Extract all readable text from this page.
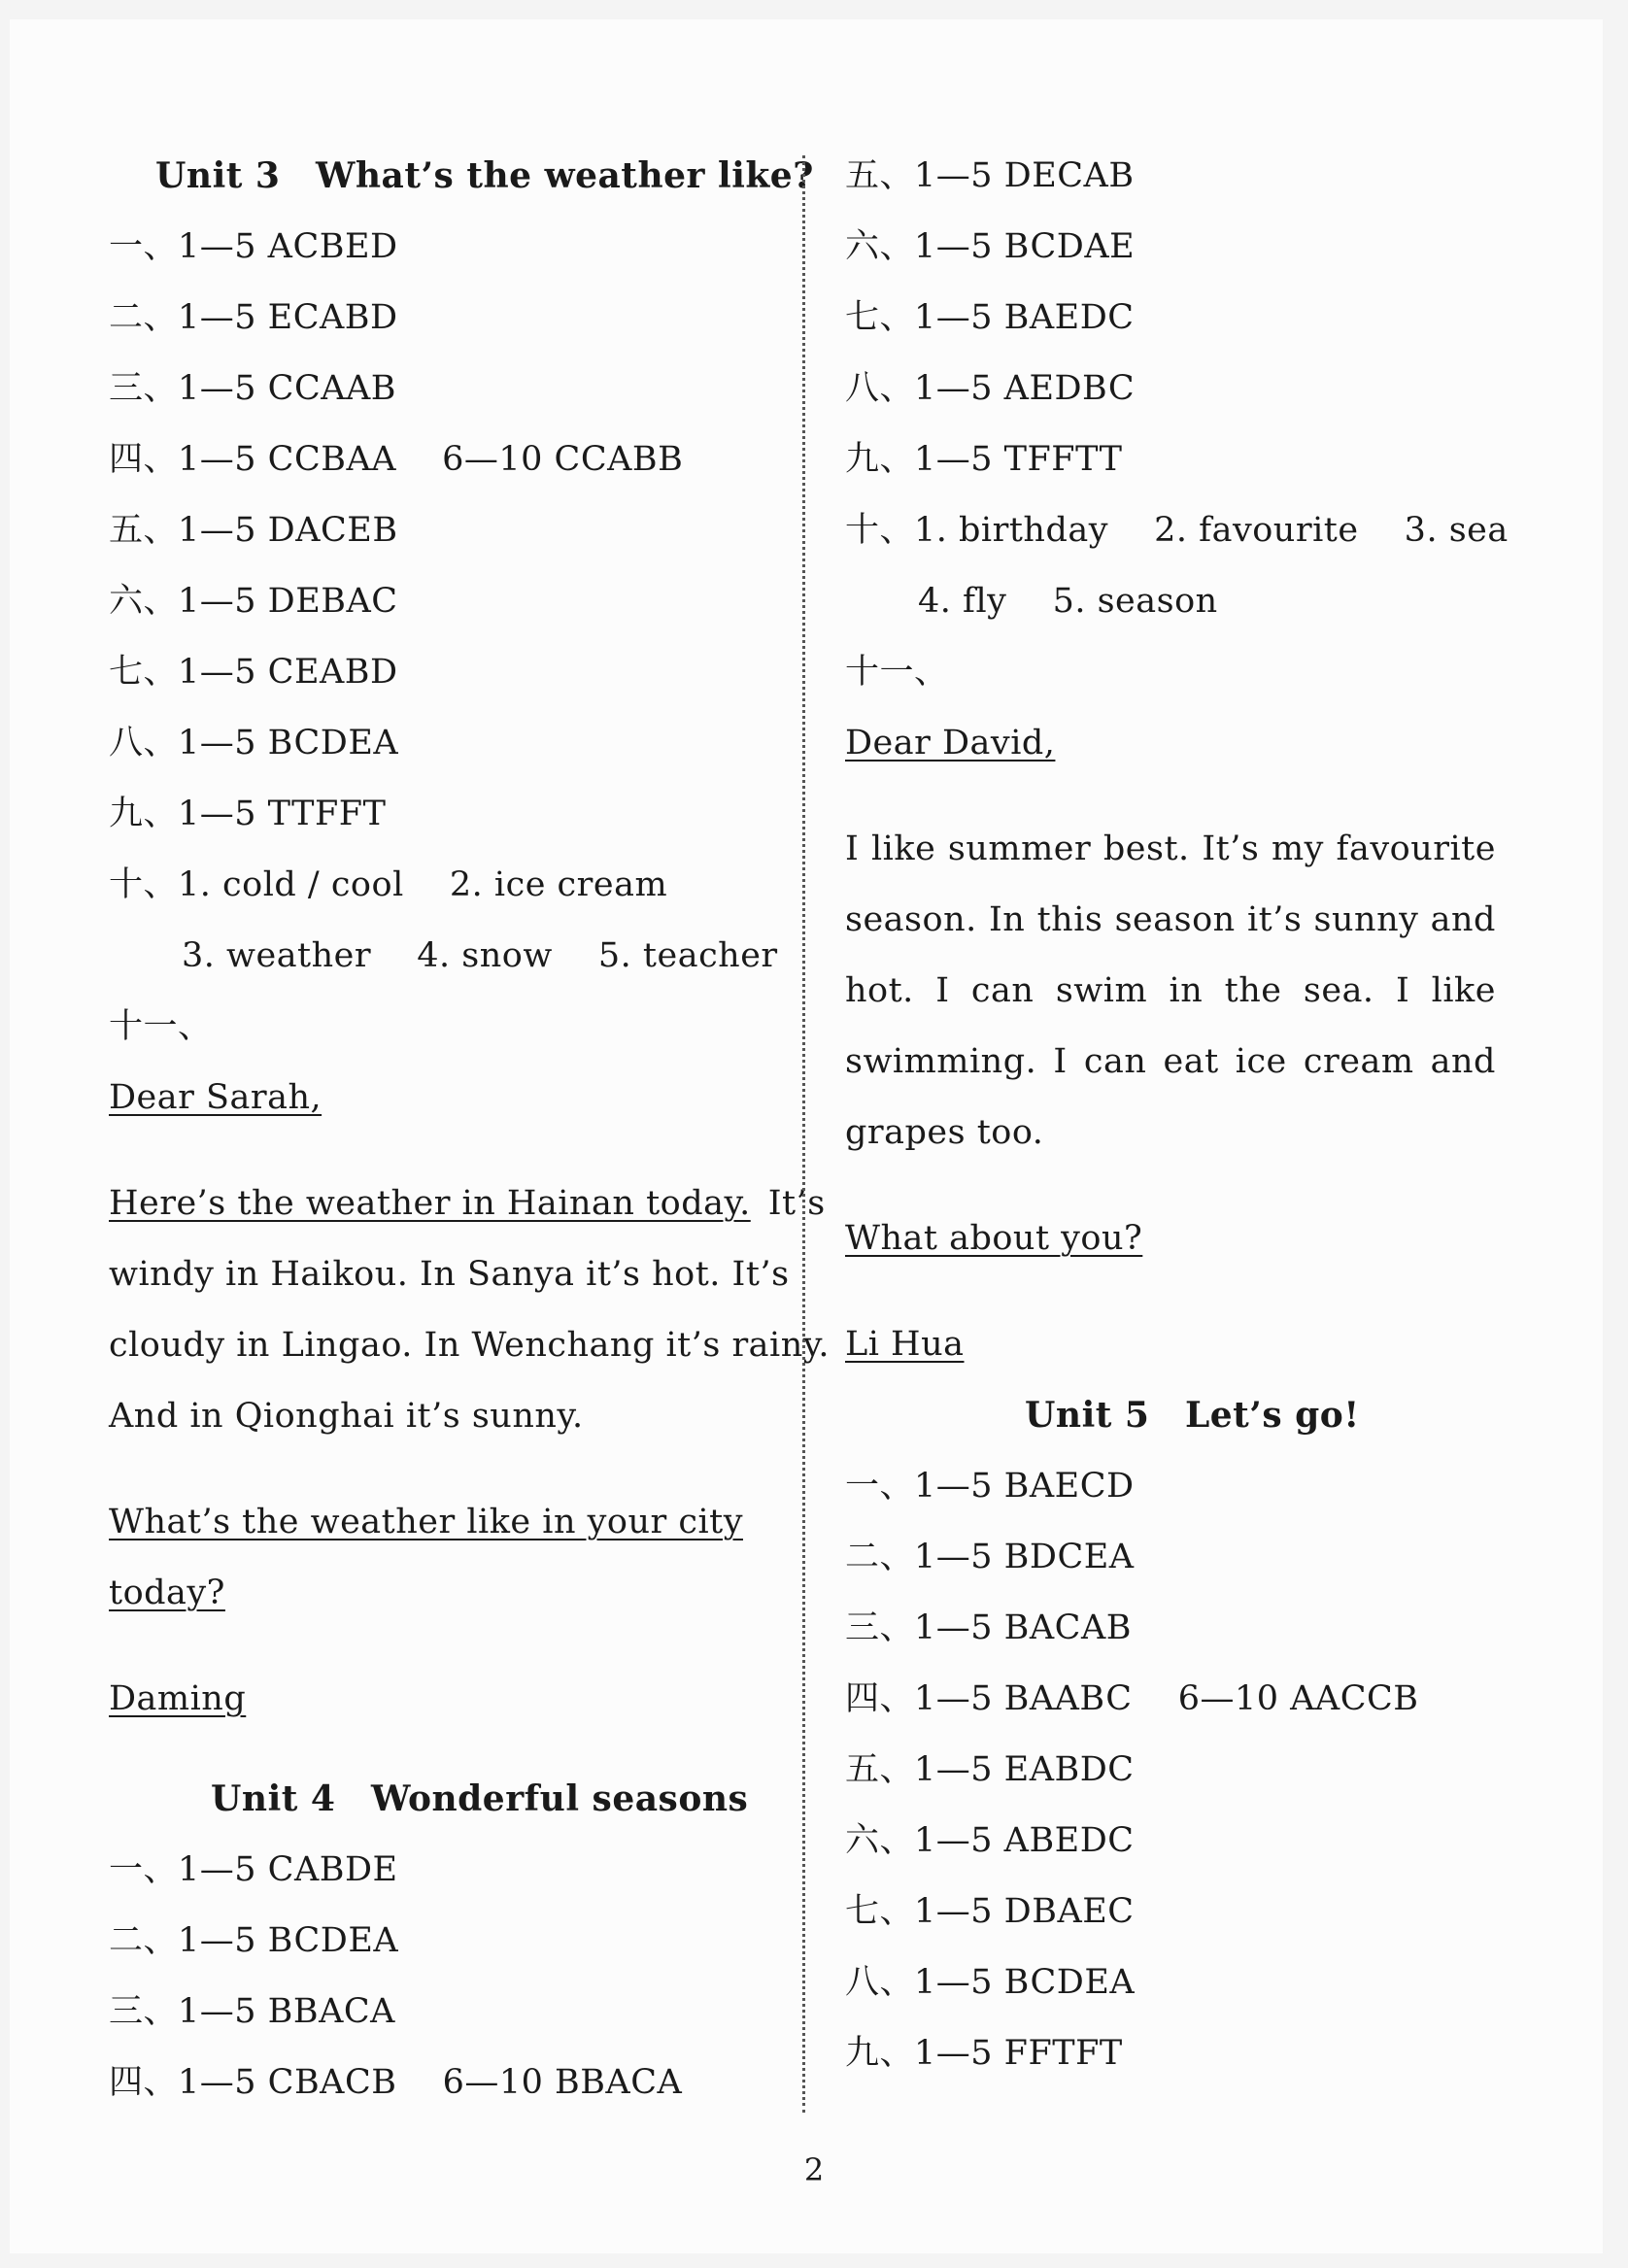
Unit 3 What’s the weather like?
一、1—5 ACBED
二、1—5 ECABD
三、1—5 CCAAB
四、1—5 CCBAA  6—10 CCABB
五、1—5 DACEB
六、1—5 DEBAC
七、1—5 CEABD
八、1—5 BCDEA
九、1—5 TTFFT
十、1. cold / cool  2. ice cream
3. weather  4. snow  5. teacher
十一、
Dear Sarah,
Here’s the weather in Hainan today. It’s
windy in Haikou. In Sanya it’s hot. It’s
cloudy in Lingao. In Wenchang it’s rainy.
And in Qionghai it’s sunny.
What’s the weather like in your city
today?
Daming
Unit 4 Wonderful seasons
一、1—5 CABDE
二、1—5 BCDEA
三、1—5 BBACA
四、1—5 CBACB  6—10 BBACA
五、1—5 DECAB
六、1—5 BCDAE
七、1—5 BAEDC
八、1—5 AEDBC
九、1—5 TFFTT
十、1. birthday  2. favourite  3. sea
4. fly  5. season
十一、
Dear David,
I like summer best. It’s my favourite
season. In this season it’s sunny and
hot. I can swim in the sea. I like
swimming. I can eat ice cream and
grapes too.
What about you?
Li Hua
Unit 5 Let’s go!
一、1—5 BAECD
二、1—5 BDCEA
三、1—5 BACAB
四、1—5 BAABC  6—10 AACCB
五、1—5 EABDC
六、1—5 ABEDC
七、1—5 DBAEC
八、1—5 BCDEA
九、1—5 FFTFT
2
